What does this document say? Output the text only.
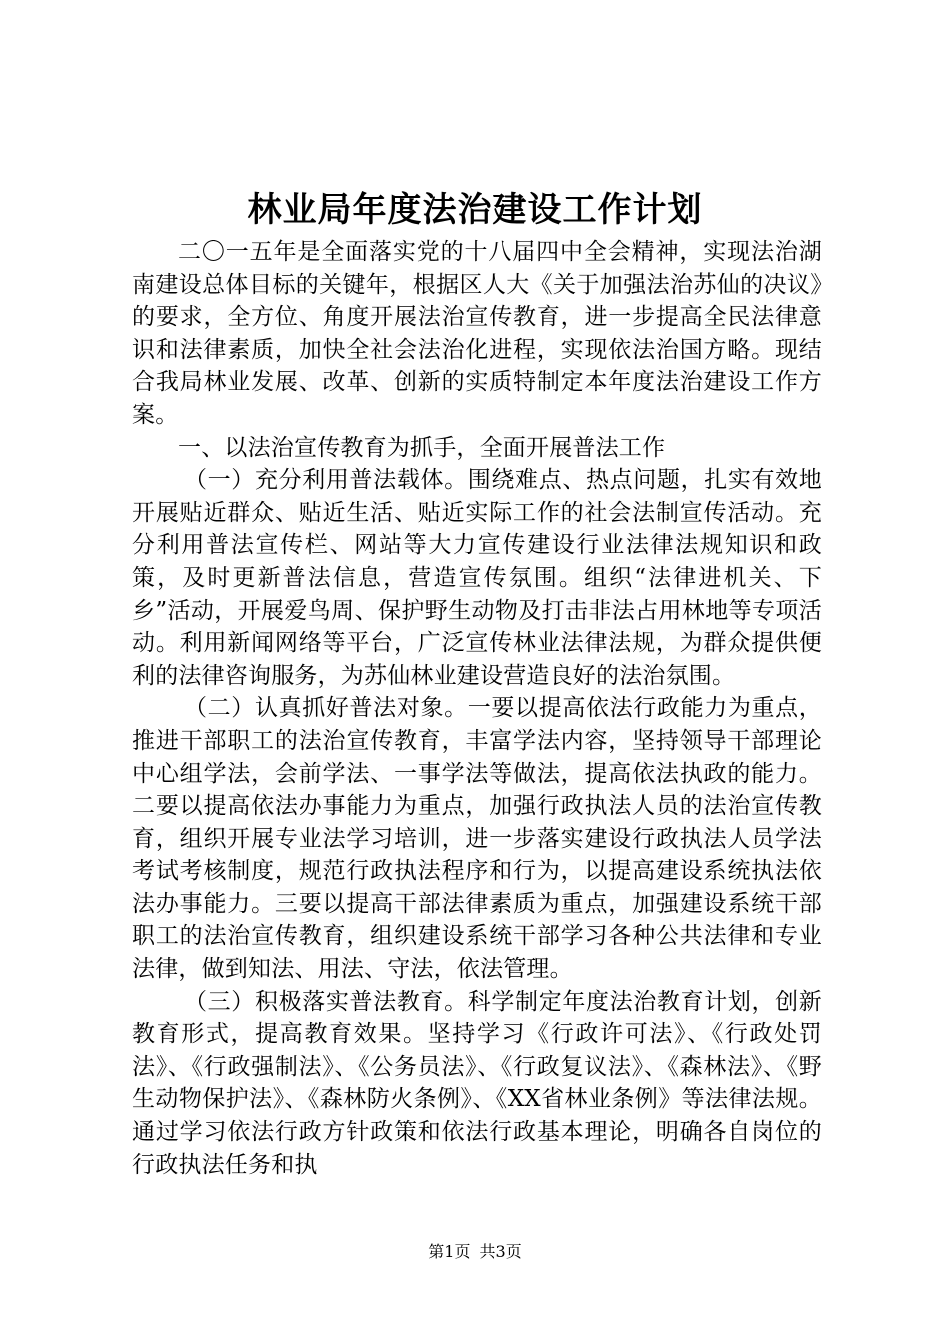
林业局年度法治建设工作计划

二〇一五年是全面落实党的十八届四中全会精神，实现法治湖南建设总体目标的关键年，根据区人大《关于加强法治苏仙的决议》的要求，全方位、角度开展法治宣传教育，进一步提高全民法律意识和法律素质，加快全社会法治化进程，实现依法治国方略。现结合我局林业发展、改革、创新的实质特制定本年度法治建设工作方案。

一、以法治宣传教育为抓手，全面开展普法工作

（一）充分利用普法载体。围绕难点、热点问题，扎实有效地开展贴近群众、贴近生活、贴近实际工作的社会法制宣传活动。充分利用普法宣传栏、网站等大力宣传建设行业法律法规知识和政策，及时更新普法信息，营造宣传氛围。组织“法律进机关、下乡”活动，开展爱鸟周、保护野生动物及打击非法占用林地等专项活动。利用新闻网络等平台，广泛宣传林业法律法规，为群众提供便利的法律咨询服务，为苏仙林业建设营造良好的法治氛围。

（二）认真抓好普法对象。一要以提高依法行政能力为重点，推进干部职工的法治宣传教育，丰富学法内容，坚持领导干部理论中心组学法，会前学法、一事学法等做法，提高依法执政的能力。二要以提高依法办事能力为重点，加强行政执法人员的法治宣传教育，组织开展专业法学习培训，进一步落实建设行政执法人员学法考试考核制度，规范行政执法程序和行为，以提高建设系统执法依法办事能力。三要以提高干部法律素质为重点，加强建设系统干部职工的法治宣传教育，组织建设系统干部学习各种公共法律和专业法律，做到知法、用法、守法，依法管理。

（三）积极落实普法教育。科学制定年度法治教育计划，创新教育形式，提高教育效果。坚持学习《行政许可法》、《行政处罚法》、《行政强制法》、《公务员法》、《行政复议法》、《森林法》、《野生动物保护法》、《森林防火条例》、《XX省林业条例》等法律法规。通过学习依法行政方针政策和依法行政基本理论，明确各自岗位的行政执法任务和执

第1页 共3页
